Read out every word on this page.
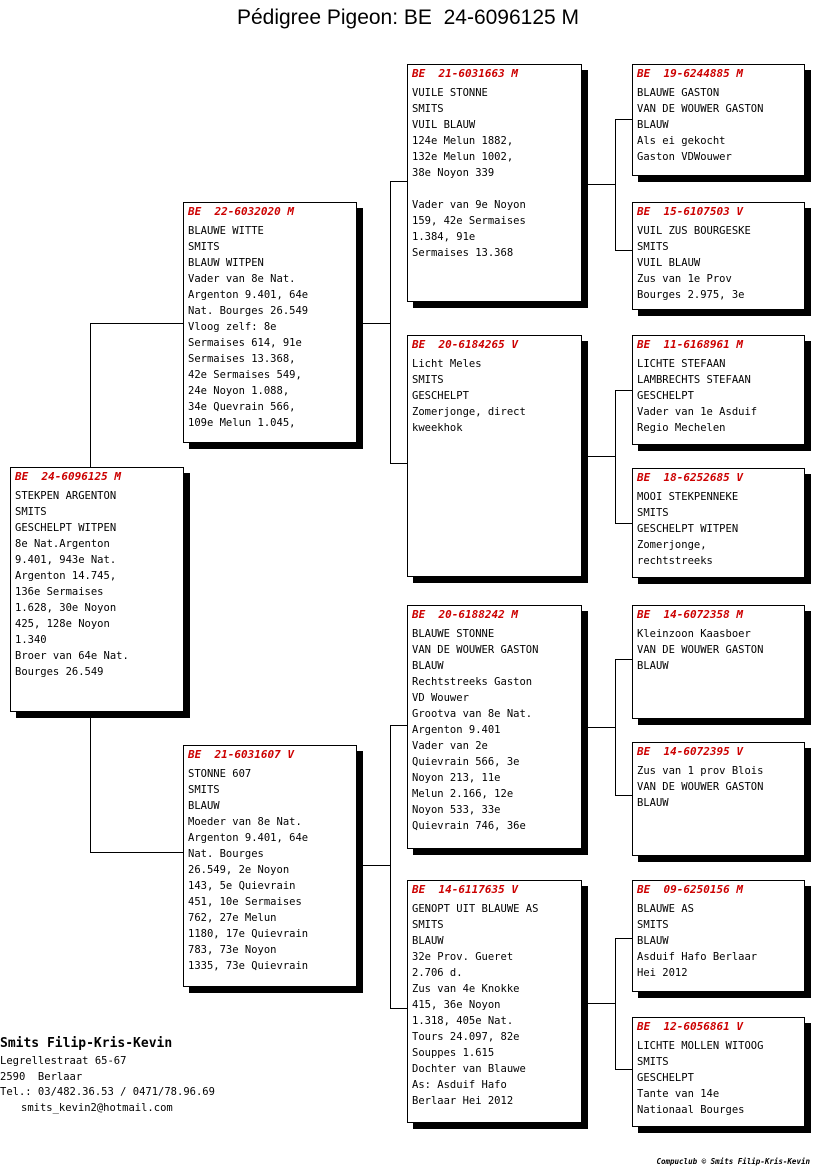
Pédigree Pigeon: BE  24-6096125 M
BE  24-6096125 M
STEKPEN ARGENTON
SMITS
GESCHELPT WITPEN
8e Nat.Argenton
9.401, 943e Nat.
Argenton 14.745,
136e Sermaises
1.628, 30e Noyon
425, 128e Noyon
1.340
Broer van 64e Nat.
Bourges 26.549
BE  22-6032020 M
BLAUWE WITTE
SMITS
BLAUW WITPEN
Vader van 8e Nat.
Argenton 9.401, 64e
Nat. Bourges 26.549
Vloog zelf: 8e
Sermaises 614, 91e
Sermaises 13.368,
42e Sermaises 549,
24e Noyon 1.088,
34e Quevrain 566,
109e Melun 1.045,
BE  21-6031607 V
STONNE 607
SMITS
BLAUW
Moeder van 8e Nat.
Argenton 9.401, 64e
Nat. Bourges
26.549, 2e Noyon
143, 5e Quievrain
451, 10e Sermaises
762, 27e Melun
1180, 17e Quievrain
783, 73e Noyon
1335, 73e Quievrain
BE  21-6031663 M
VUILE STONNE
SMITS
VUIL BLAUW
124e Melun 1882,
132e Melun 1002,
38e Noyon 339

Vader van 9e Noyon
159, 42e Sermaises
1.384, 91e
Sermaises 13.368
BE  20-6184265 V
Licht Meles
SMITS
GESCHELPT
Zomerjonge, direct
kweekhok
BE  20-6188242 M
BLAUWE STONNE
VAN DE WOUWER GASTON
BLAUW
Rechtstreeks Gaston
VD Wouwer
Grootva van 8e Nat.
Argenton 9.401
Vader van 2e
Quievrain 566, 3e
Noyon 213, 11e
Melun 2.166, 12e
Noyon 533, 33e
Quievrain 746, 36e
BE  14-6117635 V
GENOPT UIT BLAUWE AS
SMITS
BLAUW
32e Prov. Gueret
2.706 d.
Zus van 4e Knokke
415, 36e Noyon
1.318, 405e Nat.
Tours 24.097, 82e
Souppes 1.615
Dochter van Blauwe
As: Asduif Hafo
Berlaar Hei 2012
BE  19-6244885 M
BLAUWE GASTON
VAN DE WOUWER GASTON
BLAUW
Als ei gekocht
Gaston VDWouwer
BE  15-6107503 V
VUIL ZUS BOURGESKE
SMITS
VUIL BLAUW
Zus van 1e Prov
Bourges 2.975, 3e
BE  11-6168961 M
LICHTE STEFAAN
LAMBRECHTS STEFAAN
GESCHELPT
Vader van 1e Asduif
Regio Mechelen
BE  18-6252685 V
MOOI STEKPENNEKE
SMITS
GESCHELPT WITPEN
Zomerjonge,
rechtstreeks
BE  14-6072358 M
Kleinzoon Kaasboer
VAN DE WOUWER GASTON
BLAUW
BE  14-6072395 V
Zus van 1 prov Blois
VAN DE WOUWER GASTON
BLAUW
BE  09-6250156 M
BLAUWE AS
SMITS
BLAUW
Asduif Hafo Berlaar
Hei 2012
BE  12-6056861 V
LICHTE MOLLEN WITOOG
SMITS
GESCHELPT
Tante van 14e
Nationaal Bourges
Smits Filip-Kris-Kevin
Legrellestraat 65-67
2590  Berlaar
Tel.: 03/482.36.53 / 0471/78.96.69
smits_kevin2@hotmail.com
Compuclub © Smits Filip-Kris-Kevin
